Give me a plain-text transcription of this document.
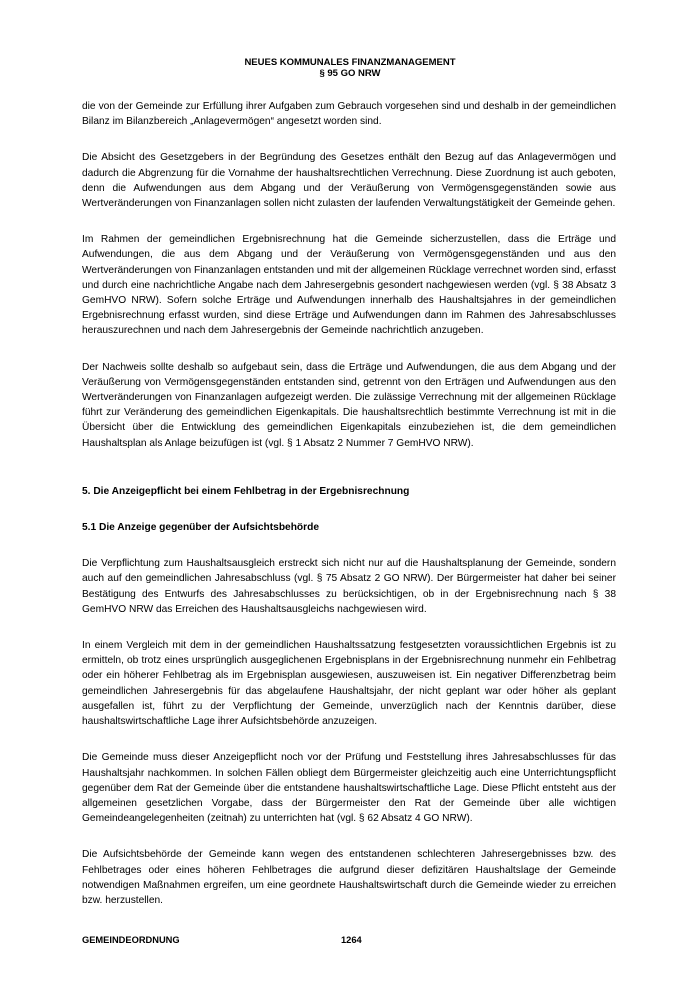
NEUES KOMMUNALES FINANZMANAGEMENT
§ 95 GO NRW

die von der Gemeinde zur Erfüllung ihrer Aufgaben zum Gebrauch vorgesehen sind und deshalb in der gemeindlichen Bilanz im Bilanzbereich „Anlagevermögen“ angesetzt worden sind.

Die Absicht des Gesetzgebers in der Begründung des Gesetzes enthält den Bezug auf das Anlagevermögen und dadurch die Abgrenzung für die Vornahme der haushaltsrechtlichen Verrechnung. Diese Zuordnung ist auch geboten, denn die Aufwendungen aus dem Abgang und der Veräußerung von Vermögensgegenständen sowie aus Wertveränderungen von Finanzanlagen sollen nicht zulasten der laufenden Verwaltungstätigkeit der Gemeinde gehen.

Im Rahmen der gemeindlichen Ergebnisrechnung hat die Gemeinde sicherzustellen, dass die Erträge und Aufwendungen, die aus dem Abgang und der Veräußerung von Vermögensgegenständen und aus den Wertveränderungen von Finanzanlagen entstanden und mit der allgemeinen Rücklage verrechnet worden sind, erfasst und durch eine nachrichtliche Angabe nach dem Jahresergebnis gesondert nachgewiesen werden (vgl. § 38 Absatz 3 GemHVO NRW). Sofern solche Erträge und Aufwendungen innerhalb des Haushaltsjahres in der gemeindlichen Ergebnisrechnung erfasst wurden, sind diese Erträge und Aufwendungen dann im Rahmen des Jahresabschlusses herauszurechnen und nach dem Jahresergebnis der Gemeinde nachrichtlich anzugeben.

Der Nachweis sollte deshalb so aufgebaut sein, dass die Erträge und Aufwendungen, die aus dem Abgang und der Veräußerung von Vermögensgegenständen entstanden sind, getrennt von den Erträgen und Aufwendungen aus den Wertveränderungen von Finanzanlagen aufgezeigt werden. Die zulässige Verrechnung mit der allgemeinen Rücklage führt zur Veränderung des gemeindlichen Eigenkapitals. Die haushaltsrechtlich bestimmte Verrechnung ist mit in die Übersicht über die Entwicklung des gemeindlichen Eigenkapitals einzubeziehen ist, die dem gemeindlichen Haushaltsplan als Anlage beizufügen ist (vgl. § 1 Absatz 2 Nummer 7 GemHVO NRW).

5. Die Anzeigepflicht bei einem Fehlbetrag in der Ergebnisrechnung
5.1 Die Anzeige gegenüber der Aufsichtsbehörde

Die Verpflichtung zum Haushaltsausgleich erstreckt sich nicht nur auf die Haushaltsplanung der Gemeinde, sondern auch auf den gemeindlichen Jahresabschluss (vgl. § 75 Absatz 2 GO NRW). Der Bürgermeister hat daher bei seiner Bestätigung des Entwurfs des Jahresabschlusses zu berücksichtigen, ob in der Ergebnisrechnung nach § 38 GemHVO NRW das Erreichen des Haushaltsausgleichs nachgewiesen wird.

In einem Vergleich mit dem in der gemeindlichen Haushaltssatzung festgesetzten voraussichtlichen Ergebnis ist zu ermitteln, ob trotz eines ursprünglich ausgeglichenen Ergebnisplans in der Ergebnisrechnung nunmehr ein Fehlbetrag oder ein höherer Fehlbetrag als im Ergebnisplan ausgewiesen, auszuweisen ist. Ein negativer Differenzbetrag beim gemeindlichen Jahresergebnis für das abgelaufene Haushaltsjahr, der nicht geplant war oder höher als geplant ausgefallen ist, führt zu der Verpflichtung der Gemeinde, unverzüglich nach der Kenntnis darüber, diese haushaltswirtschaftliche Lage ihrer Aufsichtsbehörde anzuzeigen.

Die Gemeinde muss dieser Anzeigepflicht noch vor der Prüfung und Feststellung ihres Jahresabschlusses für das Haushaltsjahr nachkommen. In solchen Fällen obliegt dem Bürgermeister gleichzeitig auch eine Unterrichtungspflicht gegenüber dem Rat der Gemeinde über die entstandene haushaltswirtschaftliche Lage. Diese Pflicht entsteht aus der allgemeinen gesetzlichen Vorgabe, dass der Bürgermeister den Rat der Gemeinde über alle wichtigen Gemeindeangelegenheiten (zeitnah) zu unterrichten hat (vgl. § 62 Absatz 4 GO NRW).

Die Aufsichtsbehörde der Gemeinde kann wegen des entstandenen schlechteren Jahresergebnisses bzw. des Fehlbetrages oder eines höheren Fehlbetrages die aufgrund dieser defizitären Haushaltslage der Gemeinde notwendigen Maßnahmen ergreifen, um eine geordnete Haushaltswirtschaft durch die Gemeinde wieder zu erreichen bzw. herzustellen.

GEMEINDEORDNUNG	1264
